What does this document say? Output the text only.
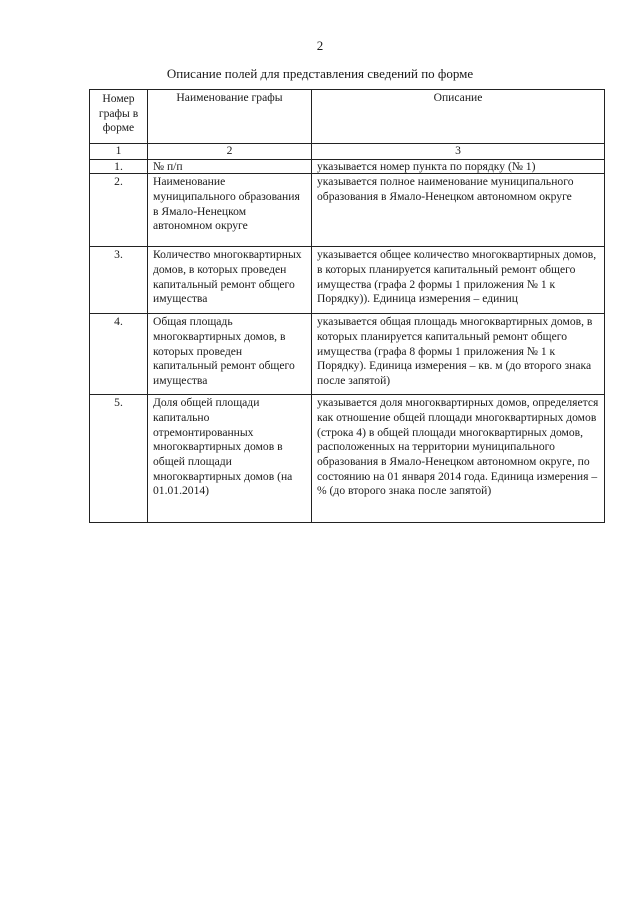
2
Описание полей для представления сведений по форме
Номер графы в форме	Наименование графы	Описание
1	2	3
1.	№ п/п	указывается номер пункта по порядку (№ 1)
2.	Наименование муниципального образования в Ямало-Ненецком автономном округе	указывается полное наименование муниципального образования в Ямало-Ненецком автономном округе
3.	Количество многоквартирных домов, в которых проведен капитальный ремонт общего имущества	указывается общее количество многоквартирных домов, в которых планируется капитальный ремонт общего имущества (графа 2 формы 1 приложения № 1 к Порядку)). Единица измерения – единиц
4.	Общая площадь многоквартирных домов, в которых проведен капитальный ремонт общего имущества	указывается общая площадь многоквартирных домов, в которых планируется капитальный ремонт общего имущества (графа 8 формы 1 приложения № 1 к Порядку). Единица измерения – кв. м (до второго знака после запятой)
5.	Доля общей площади капитально отремонтированных многоквартирных домов в общей площади многоквартирных домов (на 01.01.2014)	указывается доля многоквартирных домов, определяется как отношение общей площади многоквартирных домов (строка 4) в общей площади многоквартирных домов, расположенных на территории муниципального образования в Ямало-Ненецком автономном округе, по состоянию на 01 января 2014 года. Единица измерения – % (до второго знака после запятой)
